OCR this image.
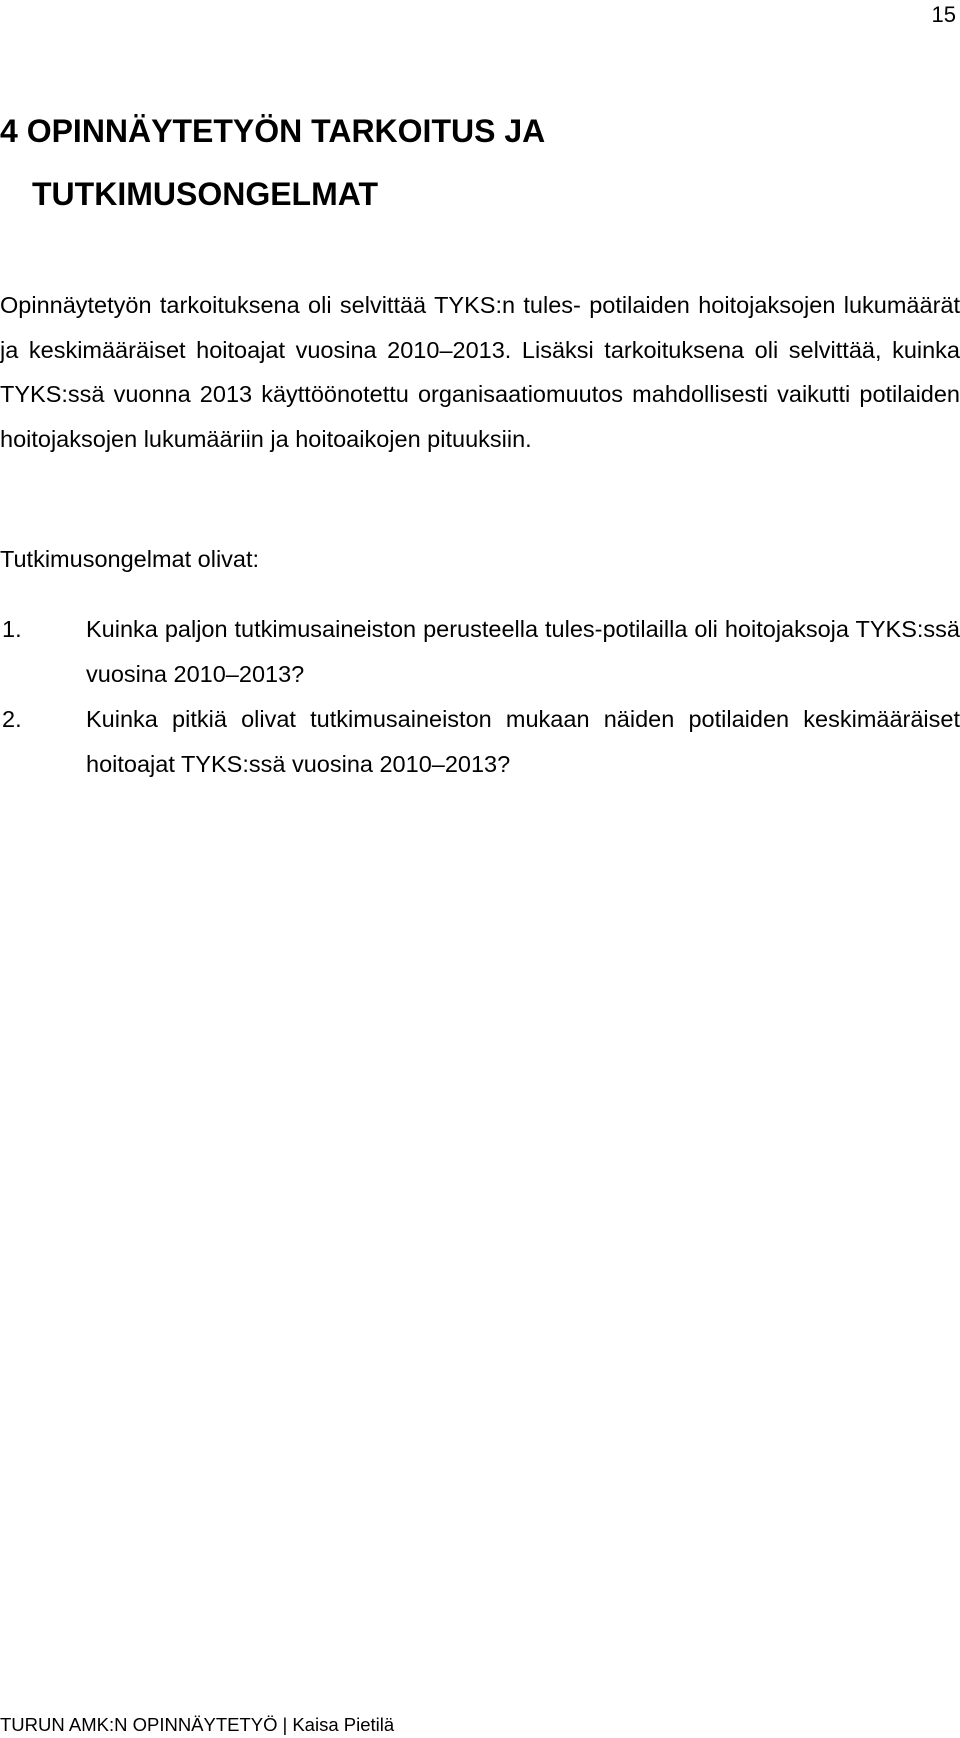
15
4 OPINNÄYTETYÖN TARKOITUS JA
TUTKIMUSONGELMAT

Opinnäytetyön tarkoituksena oli selvittää TYKS:n tules- potilaiden hoitojaksojen lukumäärät ja keskimääräiset hoitoajat vuosina 2010–2013. Lisäksi tarkoituksena oli selvittää, kuinka TYKS:ssä vuonna 2013 käyttöönotettu organisaatiomuutos mahdollisesti vaikutti potilaiden hoitojaksojen lukumääriin ja hoitoaikojen pituuksiin.

Tutkimusongelmat olivat:

1.	Kuinka paljon tutkimusaineiston perusteella tules-potilailla oli hoitojaksoja TYKS:ssä vuosina 2010–2013?
2.	Kuinka pitkiä olivat tutkimusaineiston mukaan näiden potilaiden keskimääräiset hoitoajat TYKS:ssä vuosina 2010–2013?
TURUN AMK:N OPINNÄYTETYÖ | Kaisa Pietilä
